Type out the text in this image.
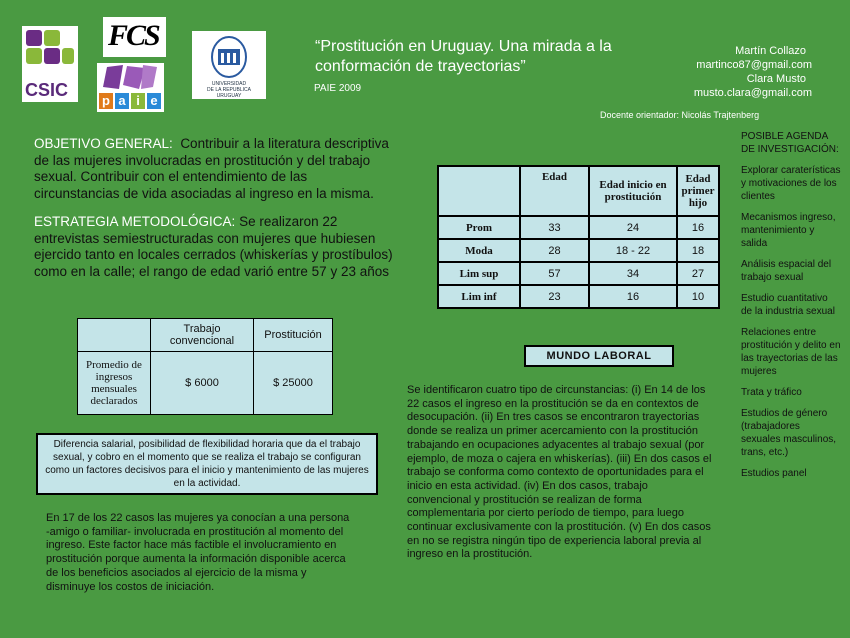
CSIC
FCS
p a i e
UNIVERSIDAD
DE LA REPUBLICA
URUGUAY
“Prostitución en Uruguay. Una mirada a la conformación de trayectorias”
PAIE 2009
Martín Collazo
martinco87@gmail.com
Clara Musto
musto.clara@gmail.com
Docente orientador: Nicolás Trajtenberg
OBJETIVO GENERAL: Contribuir a la literatura descriptiva de las mujeres involucradas en prostitución y del trabajo sexual. Contribuir con el entendimiento de las circunstancias de vida asociadas al ingreso en la misma.
ESTRATEGIA METODOLÓGICA: Se realizaron 22 entrevistas semiestructuradas con mujeres que hubiesen ejercido tanto en locales cerrados (whiskerías y prostíbulos) como en la calle; el rango de edad varió entre 57 y 23 años
	Trabajo convencional	Prostitución
Promedio de ingresos mensuales declarados	$ 6000	$ 25000
Diferencia salarial, posibilidad de flexibilidad horaria que da el trabajo sexual, y cobro en el momento que se realiza el trabajo se configuran como un factores decisivos para el inicio y mantenimiento de las mujeres en la actividad.
En 17 de los 22 casos las mujeres ya conocían a una persona -amigo o familiar- involucrada en prostitución al momento del ingreso. Este factor hace más factible el involucramiento en prostitución porque aumenta la información disponible acerca de los beneficios asociados al ejercicio de la misma y disminuye los costos de iniciación.
	Edad	Edad inicio en prostitución	Edad primer hijo
Prom	33	24	16
Moda	28	18 - 22	18
Lim sup	57	34	27
Lim inf	23	16	10
MUNDO LABORAL
Se identificaron cuatro tipo de circunstancias: (i) En 14 de los 22 casos el ingreso en la prostitución se da en contextos de desocupación. (ii) En tres casos se encontraron trayectorias donde se realiza un primer acercamiento con la prostitución trabajando en ocupaciones adyacentes al trabajo sexual (por ejemplo, de moza o cajera en whiskerías). (iii) En dos casos el trabajo se conforma como contexto de oportunidades para el inicio en esta actividad. (iv) En dos casos, trabajo convencional y prostitución se realizan de forma complementaria por cierto período de tiempo, para luego continuar exclusivamente con la prostitución. (v) En dos casos en no se registra ningún tipo de experiencia laboral previa al ingreso en la prostitución.
POSIBLE AGENDA DE INVESTIGACIÓN:
Explorar caraterísticas y motivaciones de los clientes
Mecanismos ingreso, mantenimiento y salida
Análisis espacial del trabajo sexual
Estudio cuantitativo de la industria sexual
Relaciones entre prostitución y delito en las trayectorias de las mujeres
Trata y tráfico
Estudios de género (trabajadores sexuales masculinos, trans, etc.)
Estudios panel
